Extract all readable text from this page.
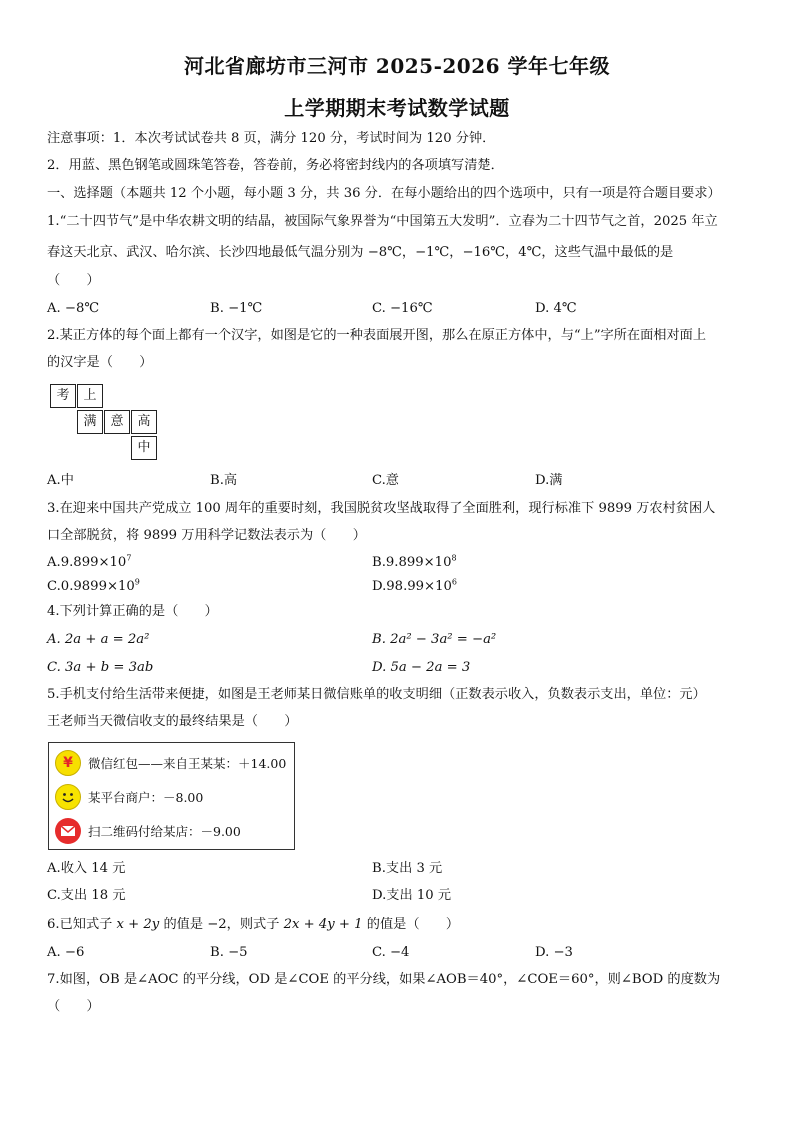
河北省廊坊市三河市 2025-2026 学年七年级
上学期期末考试数学试题
注意事项：1．本次考试试卷共 8 页，满分 120 分，考试时间为 120 分钟．
2．用蓝、黑色钢笔或圆珠笔答卷，答卷前，务必将密封线内的各项填写清楚．
一、选择题（本题共 12 个小题，每小题 3 分，共 36 分．在每小题给出的四个选项中，只有一项是符合题目要求）
1.“二十四节气”是中华农耕文明的结晶，被国际气象界誉为“中国第五大发明”．立春为二十四节气之首，2025 年立
春这天北京、武汉、哈尔滨、长沙四地最低气温分别为 −8℃，−1℃，−16℃，4℃，这些气温中最低的是
（　　）
A. −8℃	B. −1℃	C. −16℃	D. 4℃
2.某正方体的每个面上都有一个汉字，如图是它的一种表面展开图，那么在原正方体中，与“上”字所在面相对面上
的汉字是（　　）
考	上
满	意	高
中
A.中	B.高	C.意	D.满
3.在迎来中国共产党成立 100 周年的重要时刻，我国脱贫攻坚战取得了全面胜利，现行标准下 9899 万农村贫困人
口全部脱贫，将 9899 万用科学记数法表示为（　　）
$A.9.899\times 10^7$	$B.9.899\times 10^8$
$C.0.9899\times 10^9$	$D.98.99\times 10^6$
4.下列计算正确的是（　　）
A. 2a + a = 2a²	B. 2a² − 3a² = −a²
C. 3a + b = 3ab	D. 5a − 2a = 3
5.手机支付给生活带来便捷，如图是王老师某日微信账单的收支明细（正数表示收入，负数表示支出，单位：元）
王老师当天微信收支的最终结果是（　　）
¥	微信红包——来自王某某：＋14.00
某平台商户：－8.00
扫二维码付给某店：－9.00
A.收入 14 元	B.支出 3 元
C.支出 18 元	D.支出 10 元
6.已知式子 x + 2y 的值是 −2，则式子 2x + 4y + 1 的值是（　　）
A. −6	B. −5	C. −4	D. −3
7.如图，OB 是∠AOC 的平分线，OD 是∠COE 的平分线，如果∠AOB＝40°，∠COE＝60°，则∠BOD 的度数为
（　　）
